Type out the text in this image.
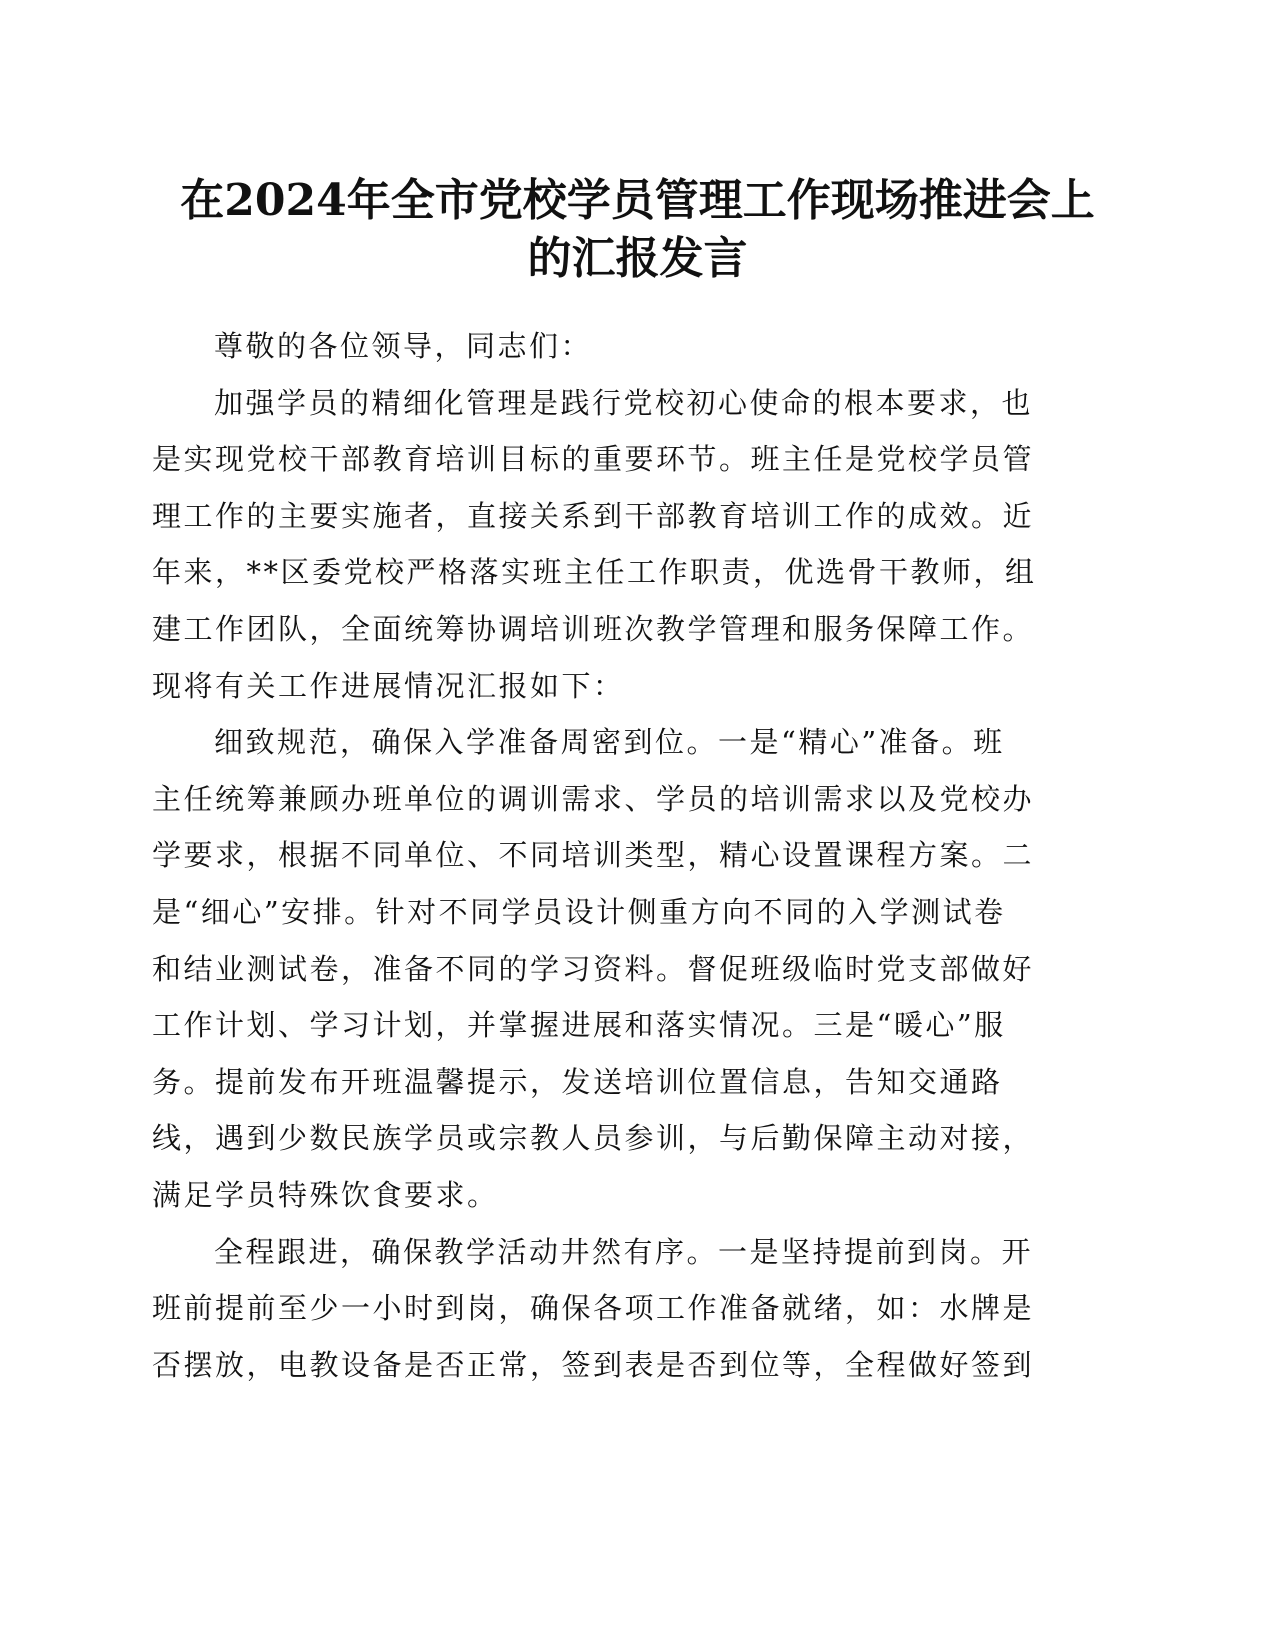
在2024年全市党校学员管理工作现场推进会上
的汇报发言
尊敬的各位领导，同志们：
加强学员的精细化管理是践行党校初心使命的根本要求，也
是实现党校干部教育培训目标的重要环节。班主任是党校学员管
理工作的主要实施者，直接关系到干部教育培训工作的成效。近
年来，**区委党校严格落实班主任工作职责，优选骨干教师，组
建工作团队，全面统筹协调培训班次教学管理和服务保障工作。
现将有关工作进展情况汇报如下：
细致规范，确保入学准备周密到位。一是“精心”准备。班
主任统筹兼顾办班单位的调训需求、学员的培训需求以及党校办
学要求，根据不同单位、不同培训类型，精心设置课程方案。二
是“细心”安排。针对不同学员设计侧重方向不同的入学测试卷
和结业测试卷，准备不同的学习资料。督促班级临时党支部做好
工作计划、学习计划，并掌握进展和落实情况。三是“暖心”服
务。提前发布开班温馨提示，发送培训位置信息，告知交通路
线，遇到少数民族学员或宗教人员参训，与后勤保障主动对接，
满足学员特殊饮食要求。
全程跟进，确保教学活动井然有序。一是坚持提前到岗。开
班前提前至少一小时到岗，确保各项工作准备就绪，如：水牌是
否摆放，电教设备是否正常，签到表是否到位等，全程做好签到
